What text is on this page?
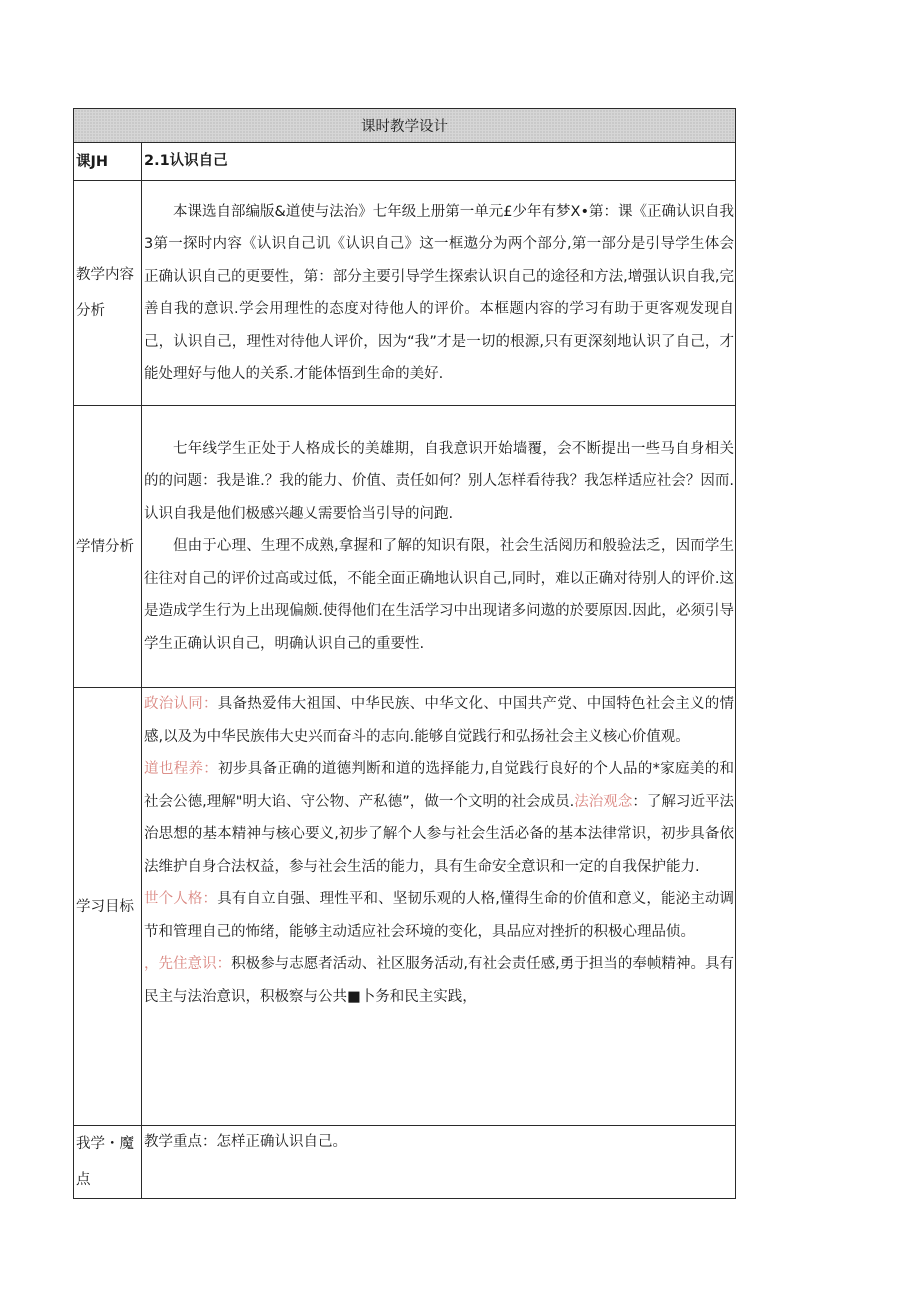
课时教学设计	
课JH	2.1认识自己
教学内容分析	本课选自部编版&道使与法治》七年级上册第一单元£少年有梦X•第：课《正确认识自我3第一探时内容《认识自己讥《认识自己》这一框遨分为两个部分,第一部分是引导学生体会正确认识自己的更要性，第：部分主要引导学生探索认识自己的途径和方法,增强认识自我,完善自我的意识.学会用理性的态度对待他人的评价。本框题内容的学习有助于更客观发现自己，认识自己，理性对待他人评价，因为“我”才是一切的根源,只有更深刻地认识了自己，才能处理好与他人的关系.才能体悟到生命的美好.

学情分析	七年线学生正处于人格成长的美雄期，自我意识开始墙覆，会不断提出一些马自身相关的的问题：我是谁.？我的能力、价值、责任如何？别人怎样看待我？我怎样适应社会？因而.认识自我是他们极感兴趣乂需要恰当引导的问跑.

但由于心理、生理不成熟,拿握和了解的知识有限，社会生活阅历和般验法乏，因而学生往往对自己的评价过高或过低，不能全面正确地认识自己,同时，难以正确对待别人的评价.这是造成学生行为上出现偏颇.使得他们在生活学习中出现诸多问遨的於要原因.因此，必须引导学生正确认识自己，明确认识自己的重要性.

学习目标	政治认同：具备热爱伟大祖国、中华民族、中华文化、中国共产党、中国特色社会主义的情感,以及为中华民族伟大史兴而奋斗的志向.能够自觉践行和弘扬社会主义核心价值观。

道也程养：初步具备正确的道德判断和道的选择能力,自觉践行良好的个人品的*家庭美的和社会公德,理解"明大谄、守公物、产私德”，做一个文明的社会成员.法治观念：了解习近平法治思想的基本精神与核心要义,初步了解个人参与社会生活必备的基本法律常识，初步具备依法维护自身合法权益，参与社会生活的能力，具有生命安全意识和一定的自我保护能力.

世个人格：具有自立自强、理性平和、坚韧乐观的人格,懂得生命的价值和意义，能泌主动调节和管理自己的怖绪，能够主动适应社会环境的变化，具品应对挫折的积极心理品侦。

，先住意识：积极参与志愿者活动、社区服务活动,有社会责任感,勇于担当的奉帧精神。具有民主与法治意识，积极察与公共■卜务和民主实践，

我学・魔点	教学重点：怎样正确认识自己。
